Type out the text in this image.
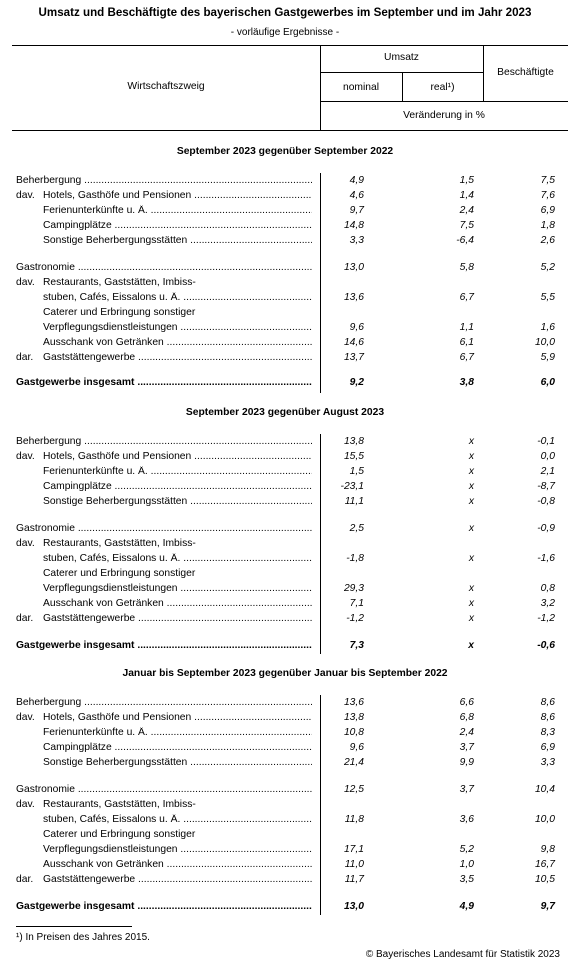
Umsatz und Beschäftigte des bayerischen Gastgewerbes im September und im Jahr 2023
- vorläufige Ergebnisse -
Wirtschaftszweig
Umsatz
nominal	real¹)
Beschäftigte
Veränderung in %
September 2023 gegenüber September 2022
September 2023 gegenüber August 2023
Januar bis September 2023 gegenüber Januar bis September 2022
Beherbergung .....	4,9	1,5	7,5
dav. Hotels, Gasthöfe und Pensionen .....	4,6	1,4	7,6
Ferienunterkünfte u. Ä. .....	9,7	2,4	6,9
Campingplätze .....	14,8	7,5	1,8
Sonstige Beherbergungsstätten .....	3,3	-6,4	2,6
Gastronomie .....	13,0	5,8	5,2
dav. Restaurants, Gaststätten, Imbiss-
stuben, Cafés, Eissalons u. Ä. .....	13,6	6,7	5,5
Caterer und Erbringung sonstiger
Verpflegungsdienstleistungen .....	9,6	1,1	1,6
Ausschank von Getränken .....	14,6	6,1	10,0
dar. Gaststättengewerbe .....	13,7	6,7	5,9
Gastgewerbe insgesamt .....	9,2	3,8	6,0
Beherbergung .....	13,8	x	-0,1
dav. Hotels, Gasthöfe und Pensionen .....	15,5	x	0,0
Ferienunterkünfte u. Ä. .....	1,5	x	2,1
Campingplätze .....	-23,1	x	-8,7
Sonstige Beherbergungsstätten .....	11,1	x	-0,8
Gastronomie .....	2,5	x	-0,9
dav. Restaurants, Gaststätten, Imbiss-
stuben, Cafés, Eissalons u. Ä. .....	-1,8	x	-1,6
Caterer und Erbringung sonstiger
Verpflegungsdienstleistungen .....	29,3	x	0,8
Ausschank von Getränken .....	7,1	x	3,2
dar. Gaststättengewerbe .....	-1,2	x	-1,2
Gastgewerbe insgesamt .....	7,3	x	-0,6
Beherbergung .....	13,6	6,6	8,6
dav. Hotels, Gasthöfe und Pensionen .....	13,8	6,8	8,6
Ferienunterkünfte u. Ä. .....	10,8	2,4	8,3
Campingplätze .....	9,6	3,7	6,9
Sonstige Beherbergungsstätten .....	21,4	9,9	3,3
Gastronomie .....	12,5	3,7	10,4
dav. Restaurants, Gaststätten, Imbiss-
stuben, Cafés, Eissalons u. Ä. .....	11,8	3,6	10,0
Caterer und Erbringung sonstiger
Verpflegungsdienstleistungen .....	17,1	5,2	9,8
Ausschank von Getränken .....	11,0	1,0	16,7
dar. Gaststättengewerbe .....	11,7	3,5	10,5
Gastgewerbe insgesamt .....	13,0	4,9	9,7
¹) In Preisen des Jahres 2015.
© Bayerisches Landesamt für Statistik 2023
